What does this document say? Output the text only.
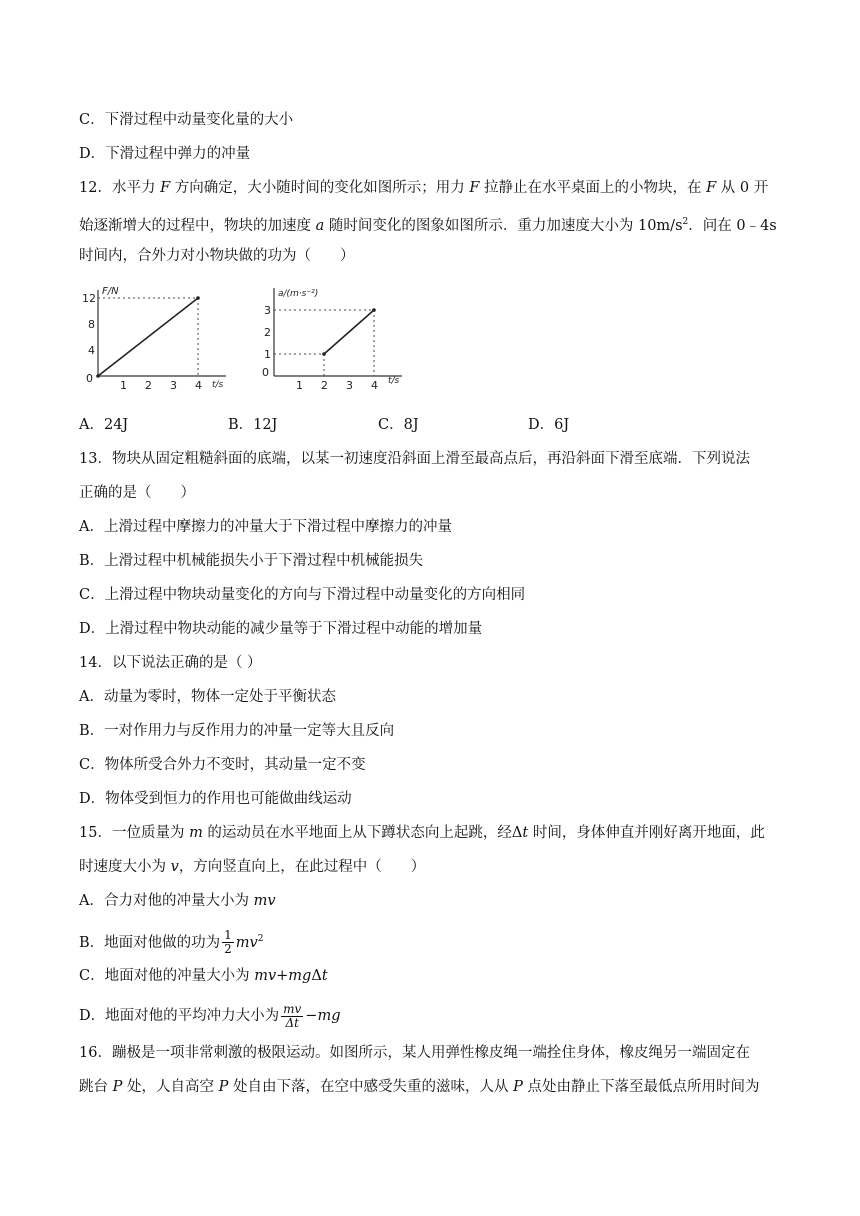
C．下滑过程中动量变化量的大小
D．下滑过程中弹力的冲量
12．水平力 F 方向确定，大小随时间的变化如图所示；用力 F 拉静止在水平桌面上的小物块，在 F 从 0 开
始逐渐增大的过程中，物块的加速度 a 随时间变化的图象如图所示．重力加速度大小为 $10m/s^2$．问在 0﹣4s
时间内，合外力对小物块做的功为（　　）
F/N
t/s
0
1 2 3 4
4
8
12	a/(m·s⁻²)
t/s
0
1 2 3 4
1
2
3
A．24J	B．12J	C．8J	D．6J
13．物块从固定粗糙斜面的底端，以某一初速度沿斜面上滑至最高点后，再沿斜面下滑至底端．下列说法
正确的是（　　）
A．上滑过程中摩擦力的冲量大于下滑过程中摩擦力的冲量
B．上滑过程中机械能损失小于下滑过程中机械能损失
C．上滑过程中物块动量变化的方向与下滑过程中动量变化的方向相同
D．上滑过程中物块动能的减少量等于下滑过程中动能的增加量
14．以下说法正确的是（ ）
A．动量为零时，物体一定处于平衡状态
B．一对作用力与反作用力的冲量一定等大且反向
C．物体所受合外力不变时，其动量一定不变
D．物体受到恒力的作用也可能做曲线运动
15．一位质量为 m 的运动员在水平地面上从下蹲状态向上起跳，经Δt 时间，身体伸直并刚好离开地面，此
时速度大小为 v，方向竖直向上，在此过程中（　　）
A．合力对他的冲量大小为 mv
B．地面对他做的功为 $\frac{1}{2} mv^2$
C．地面对他的冲量大小为 mv+mgΔt
D．地面对他的平均冲力大小为 $\frac{mv}{\Delta t} -mg$
16．蹦极是一项非常刺激的极限运动。如图所示，某人用弹性橡皮绳一端拴住身体，橡皮绳另一端固定在
跳台 P 处，人自高空 P 处自由下落，在空中感受失重的滋味，人从 P 点处由静止下落至最低点所用时间为
